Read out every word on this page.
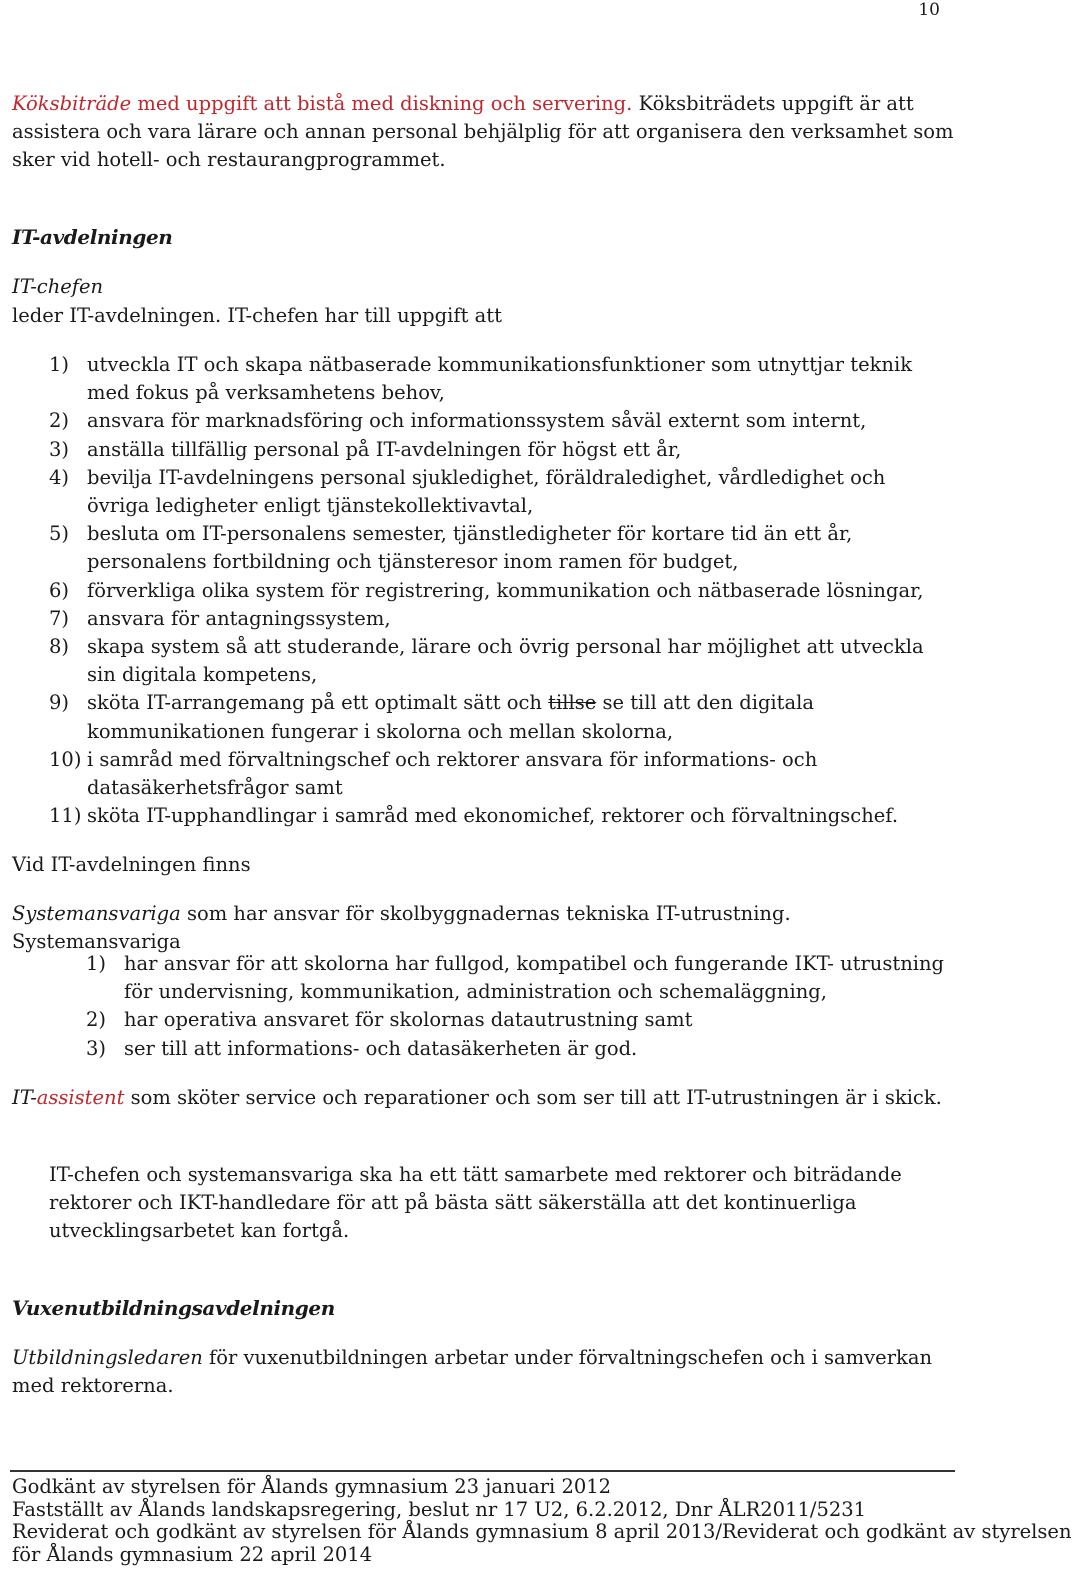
10

Köksbiträde med uppgift att bistå med diskning och servering. Köksbiträdets uppgift är att assistera och vara lärare och annan personal behjälplig för att organisera den verksamhet som sker vid hotell- och restaurangprogrammet.

IT-avdelningen

IT-chefen

leder IT-avdelningen. IT-chefen har till uppgift att

1) utveckla IT och skapa nätbaserade kommunikationsfunktioner som utnyttjar teknik med fokus på verksamhetens behov,
2) ansvara för marknadsföring och informationssystem såväl externt som internt,
3) anställa tillfällig personal på IT-avdelningen för högst ett år,
4) bevilja IT-avdelningens personal sjukledighet, föräldraledighet, vårdledighet och övriga ledigheter enligt tjänstekollektivavtal,
5) besluta om IT-personalens semester, tjänstledigheter för kortare tid än ett år, personalens fortbildning och tjänsteresor inom ramen för budget,
6) förverkliga olika system för registrering, kommunikation och nätbaserade lösningar,
7) ansvara för antagningssystem,
8) skapa system så att studerande, lärare och övrig personal har möjlighet att utveckla sin digitala kompetens,
9) sköta IT-arrangemang på ett optimalt sätt och tillse se till att den digitala kommunikationen fungerar i skolorna och mellan skolorna,
10) i samråd med förvaltningschef och rektorer ansvara för informations- och datasäkerhetsfrågor samt
11) sköta IT-upphandlingar i samråd med ekonomichef, rektorer och förvaltningschef.

Vid IT-avdelningen finns

Systemansvariga som har ansvar för skolbyggnadernas tekniska IT-utrustning. Systemansvariga

1) har ansvar för att skolorna har fullgod, kompatibel och fungerande IKT- utrustning för undervisning, kommunikation, administration och schemaläggning,
2) har operativa ansvaret för skolornas datautrustning samt
3) ser till att informations- och datasäkerheten är god.

IT-assistent som sköter service och reparationer och som ser till att IT-utrustningen är i skick.

IT-chefen och systemansvariga ska ha ett tätt samarbete med rektorer och biträdande rektorer och IKT-handledare för att på bästa sätt säkerställa att det kontinuerliga utvecklingsarbetet kan fortgå.

Vuxenutbildningsavdelningen

Utbildningsledaren för vuxenutbildningen arbetar under förvaltningschefen och i samverkan med rektorerna.

Godkänt av styrelsen för Ålands gymnasium 23 januari 2012
Fastställt av Ålands landskapsregering, beslut nr 17 U2, 6.2.2012, Dnr ÅLR2011/5231
Reviderat och godkänt av styrelsen för Ålands gymnasium 8 april 2013/Reviderat och godkänt av styrelsen
för Ålands gymnasium 22 april 2014
